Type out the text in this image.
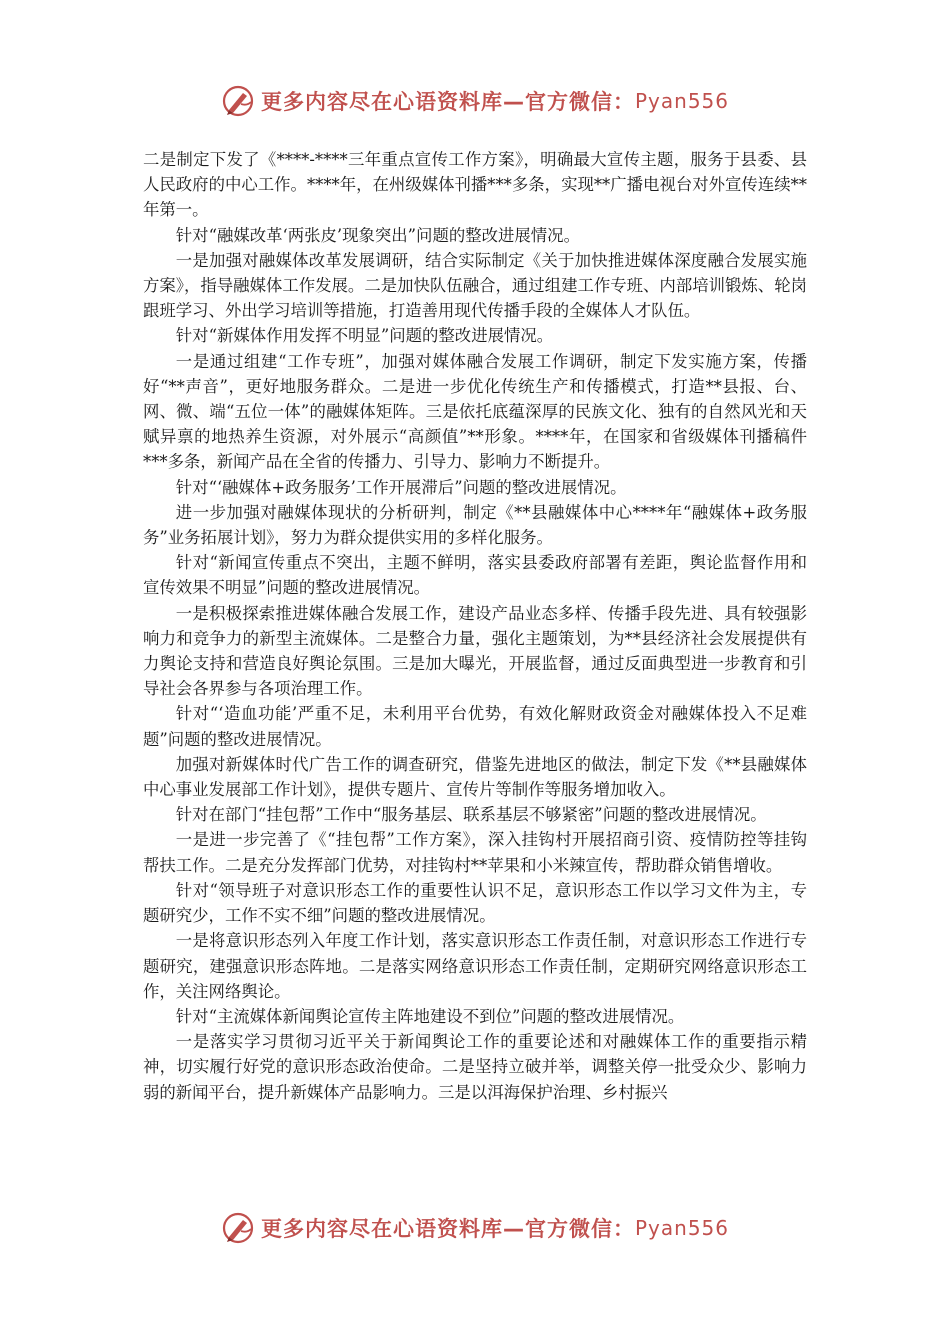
更多内容尽在心语资料库—官方微信： Pyan556

二是制定下发了《****-****三年重点宣传工作方案》，明确最大宣传主题，服务于县委、县人民政府的中心工作。****年，在州级媒体刊播***多条，实现**广播电视台对外宣传连续**年第一。

针对“融媒改革‘两张皮’现象突出”问题的整改进展情况。

一是加强对融媒体改革发展调研，结合实际制定《关于加快推进媒体深度融合发展实施方案》，指导融媒体工作发展。二是加快队伍融合，通过组建工作专班、内部培训锻炼、轮岗跟班学习、外出学习培训等措施，打造善用现代传播手段的全媒体人才队伍。

针对“新媒体作用发挥不明显”问题的整改进展情况。

一是通过组建“工作专班”，加强对媒体融合发展工作调研，制定下发实施方案，传播好“**声音”，更好地服务群众。二是进一步优化传统生产和传播模式，打造**县报、台、网、微、端“五位一体”的融媒体矩阵。三是依托底蕴深厚的民族文化、独有的自然风光和天赋异禀的地热养生资源，对外展示“高颜值”**形象。****年，在国家和省级媒体刊播稿件***多条，新闻产品在全省的传播力、引导力、影响力不断提升。

针对“‘融媒体+政务服务’工作开展滞后”问题的整改进展情况。

进一步加强对融媒体现状的分析研判，制定《**县融媒体中心****年“融媒体+政务服务”业务拓展计划》，努力为群众提供实用的多样化服务。

针对“新闻宣传重点不突出，主题不鲜明，落实县委政府部署有差距，舆论监督作用和宣传效果不明显”问题的整改进展情况。

一是积极探索推进媒体融合发展工作，建设产品业态多样、传播手段先进、具有较强影响力和竞争力的新型主流媒体。二是整合力量，强化主题策划，为**县经济社会发展提供有力舆论支持和营造良好舆论氛围。三是加大曝光，开展监督，通过反面典型进一步教育和引导社会各界参与各项治理工作。

针对“‘造血功能’严重不足，未利用平台优势，有效化解财政资金对融媒体投入不足难题”问题的整改进展情况。

加强对新媒体时代广告工作的调查研究，借鉴先进地区的做法，制定下发《**县融媒体中心事业发展部工作计划》，提供专题片、宣传片等制作等服务增加收入。

针对在部门“挂包帮”工作中“服务基层、联系基层不够紧密”问题的整改进展情况。

一是进一步完善了《“挂包帮”工作方案》，深入挂钩村开展招商引资、疫情防控等挂钩帮扶工作。二是充分发挥部门优势，对挂钩村**苹果和小米辣宣传，帮助群众销售增收。

针对“领导班子对意识形态工作的重要性认识不足，意识形态工作以学习文件为主，专题研究少，工作不实不细”问题的整改进展情况。

一是将意识形态列入年度工作计划，落实意识形态工作责任制，对意识形态工作进行专题研究，建强意识形态阵地。二是落实网络意识形态工作责任制，定期研究网络意识形态工作，关注网络舆论。

针对“主流媒体新闻舆论宣传主阵地建设不到位”问题的整改进展情况。

一是落实学习贯彻习近平关于新闻舆论工作的重要论述和对融媒体工作的重要指示精神，切实履行好党的意识形态政治使命。二是坚持立破并举，调整关停一批受众少、影响力弱的新闻平台，提升新媒体产品影响力。三是以洱海保护治理、乡村振兴

更多内容尽在心语资料库—官方微信： Pyan556
